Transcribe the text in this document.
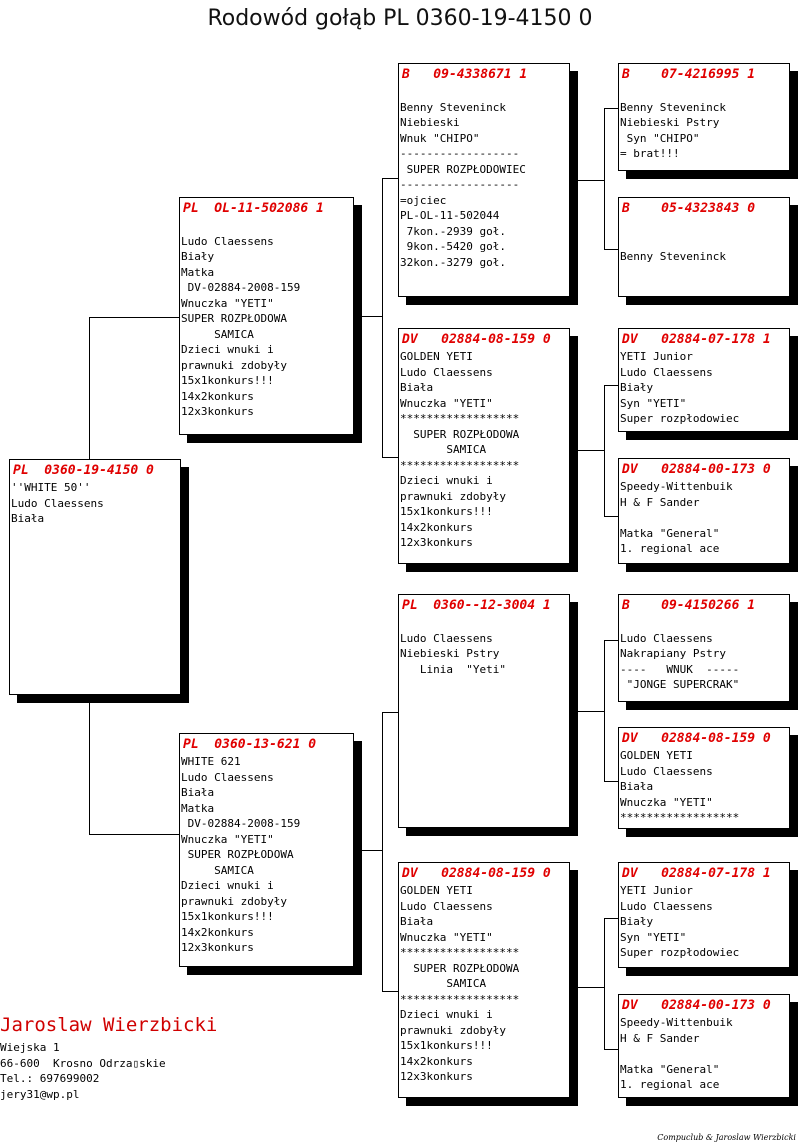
Rodowód gołąb PL 0360-19-4150 0
PL  0360-19-4150 0
''WHITE 50''
Ludo Claessens
Biała
PL  OL-11-502086 1
Ludo Claessens
Biały
Matka
DV-02884-2008-159
Wnuczka "YETI"
SUPER ROZPŁODOWA
SAMICA
Dzieci wnuki i
prawnuki zdobyły
15x1konkurs!!!
14x2konkurs
12x3konkurs
PL  0360-13-621 0
WHITE 621
Ludo Claessens
Biała
Matka
DV-02884-2008-159
Wnuczka "YETI"
SUPER ROZPŁODOWA
SAMICA
Dzieci wnuki i
prawnuki zdobyły
15x1konkurs!!!
14x2konkurs
12x3konkurs
B   09-4338671 1
Benny Steveninck
Niebieski
Wnuk "CHIPO"
------------------
SUPER ROZPŁODOWIEC
------------------
=ojciec
PL-OL-11-502044
7kon.-2939 goł.
9kon.-5420 goł.
32kon.-3279 goł.
DV   02884-08-159 0
GOLDEN YETI
Ludo Claessens
Biała
Wnuczka "YETI"
******************
SUPER ROZPŁODOWA
SAMICA
******************
Dzieci wnuki i
prawnuki zdobyły
15x1konkurs!!!
14x2konkurs
12x3konkurs
PL  0360--12-3004 1
Ludo Claessens
Niebieski Pstry
Linia  "Yeti"
DV   02884-08-159 0
GOLDEN YETI
Ludo Claessens
Biała
Wnuczka "YETI"
******************
SUPER ROZPŁODOWA
SAMICA
******************
Dzieci wnuki i
prawnuki zdobyły
15x1konkurs!!!
14x2konkurs
12x3konkurs
B    07-4216995 1
Benny Steveninck
Niebieski Pstry
Syn "CHIPO"
= brat!!!
B    05-4323843 0
Benny Steveninck
DV   02884-07-178 1
YETI Junior
Ludo Claessens
Biały
Syn "YETI"
Super rozpłodowiec
DV   02884-00-173 0
Speedy-Wittenbuik
H & F Sander
Matka "General"
1. regional ace
B    09-4150266 1
Ludo Claessens
Nakrapiany Pstry
----   WNUK  -----
"JONGE SUPERCRAK"
DV   02884-08-159 0
GOLDEN YETI
Ludo Claessens
Biała
Wnuczka "YETI"
******************
DV   02884-07-178 1
YETI Junior
Ludo Claessens
Biały
Syn "YETI"
Super rozpłodowiec
DV   02884-00-173 0
Speedy-Wittenbuik
H & F Sander
Matka "General"
1. regional ace
Jaroslaw Wierzbicki
Wiejska 1
66-600  Krosno Odrza▯skie
Tel.: 697699002
jery31@wp.pl
Compuclub & Jaroslaw Wierzbicki
